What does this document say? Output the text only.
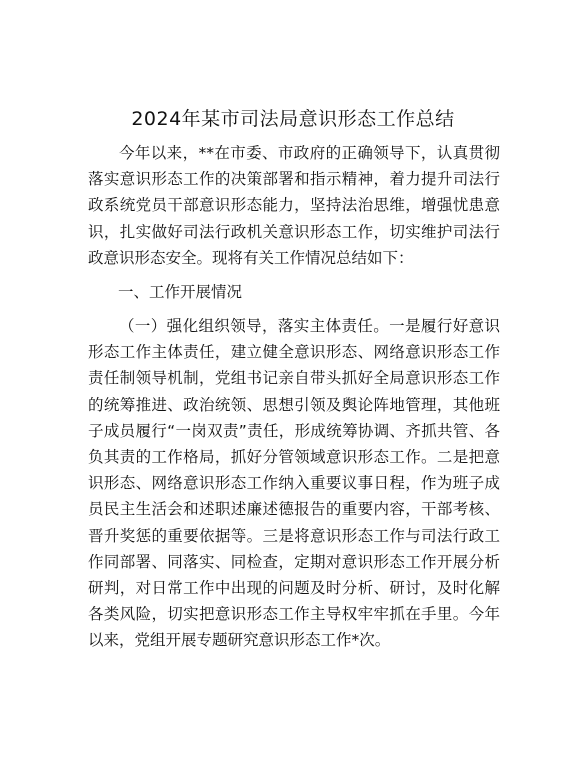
2024年某市司法局意识形态工作总结
今年以来，**在市委、市政府的正确领导下，认真贯彻落实意识形态工作的决策部署和指示精神，着力提升司法行政系统党员干部意识形态能力，坚持法治思维，增强忧患意识，扎实做好司法行政机关意识形态工作，切实维护司法行政意识形态安全。现将有关工作情况总结如下：
一、工作开展情况
（一）强化组织领导，落实主体责任。一是履行好意识形态工作主体责任，建立健全意识形态、网络意识形态工作责任制领导机制，党组书记亲自带头抓好全局意识形态工作的统筹推进、政治统领、思想引领及舆论阵地管理，其他班子成员履行“一岗双责”责任，形成统筹协调、齐抓共管、各负其责的工作格局，抓好分管领域意识形态工作。二是把意识形态、网络意识形态工作纳入重要议事日程，作为班子成员民主生活会和述职述廉述德报告的重要内容，干部考核、晋升奖惩的重要依据等。三是将意识形态工作与司法行政工作同部署、同落实、同检查，定期对意识形态工作开展分析研判，对日常工作中出现的问题及时分析、研讨，及时化解各类风险，切实把意识形态工作主导权牢牢抓在手里。今年以来，党组开展专题研究意识形态工作*次。
